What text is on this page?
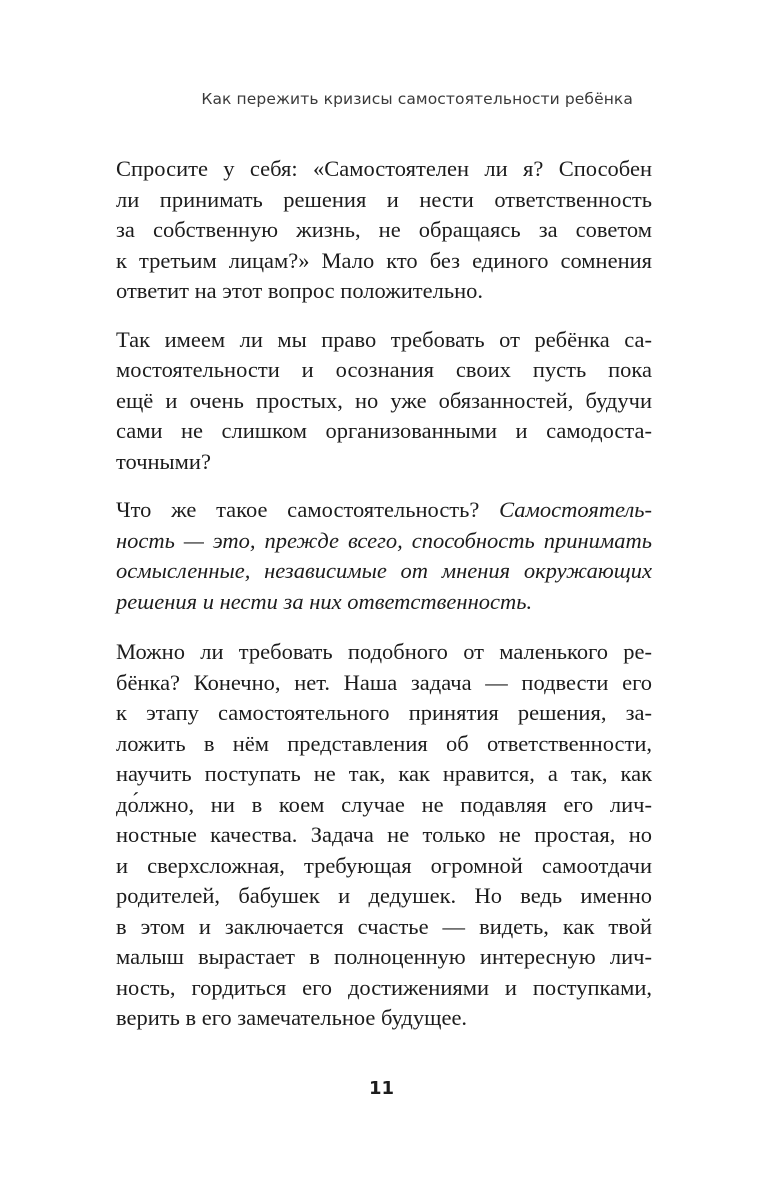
Как пережить кризисы самостоятельности ребёнка
Спросите у себя: «Самостоятелен ли я? Способен
ли принимать решения и нести ответственность
за собственную жизнь, не обращаясь за советом
к третьим лицам?» Мало кто без единого сомнения
ответит на этот вопрос положительно.
Так имеем ли мы право требовать от ребёнка са-
мостоятельности и осознания своих пусть пока
ещё и очень простых, но уже обязанностей, будучи
сами не слишком организованными и самодоста-
точными?
Что же такое самостоятельность? Самостоятель-
ность — это, прежде всего, способность принимать
осмысленные, независимые от мнения окружающих
решения и нести за них ответственность.
Можно ли требовать подобного от маленького ре-
бёнка? Конечно, нет. Наша задача — подвести его
к этапу самостоятельного принятия решения, за-
ложить в нём представления об ответственности,
научить поступать не так, как нравится, а так, как
до́лжно, ни в коем случае не подавляя его лич-
ностные качества. Задача не только не простая, но
и сверхсложная, требующая огромной самоотдачи
родителей, бабушек и дедушек. Но ведь именно
в этом и заключается счастье — видеть, как твой
малыш вырастает в полноценную интересную лич-
ность, гордиться его достижениями и поступками,
верить в его замечательное будущее.
11
